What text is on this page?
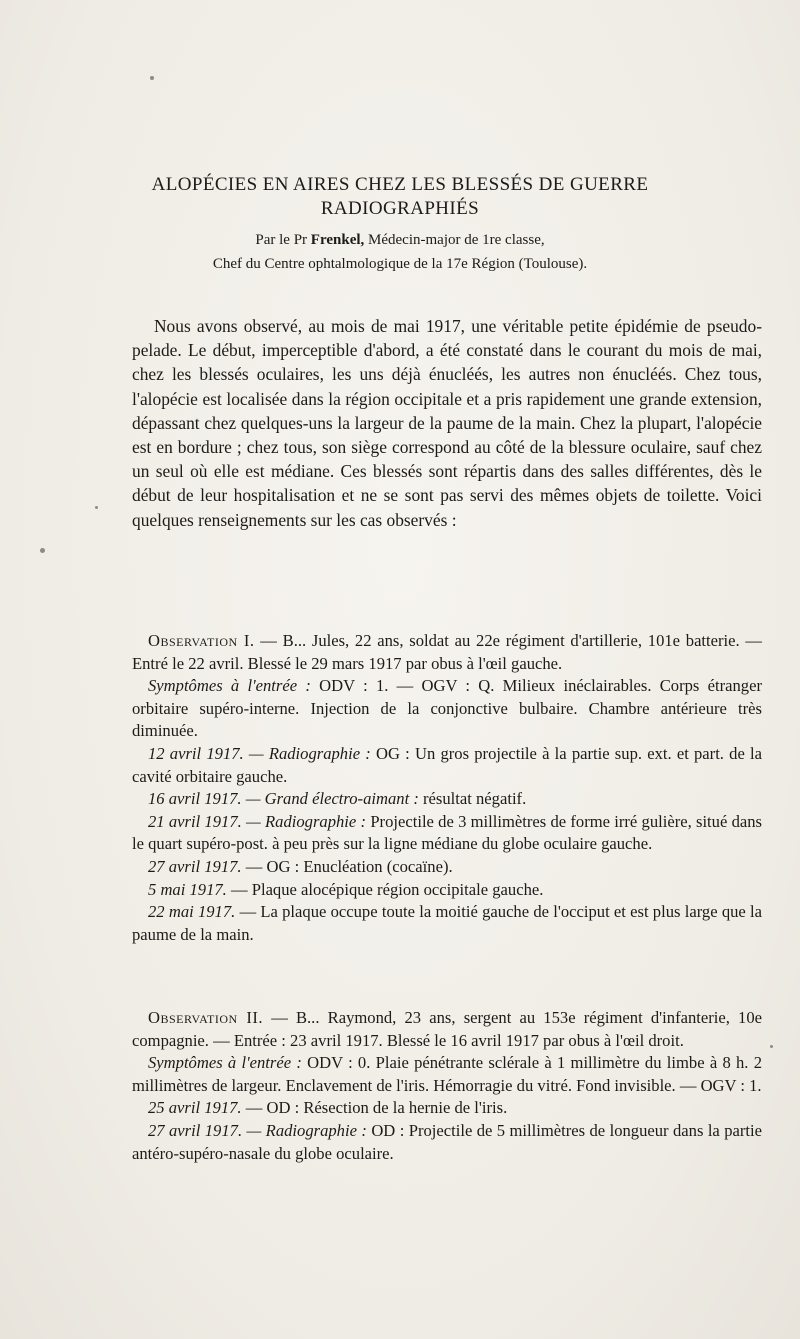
ALOPÉCIES EN AIRES CHEZ LES BLESSÉS DE GUERRE
RADIOGRAPHIÉS
Par le Pr Frenkel, Médecin-major de 1re classe,
Chef du Centre ophtalmologique de la 17e Région (Toulouse).

Nous avons observé, au mois de mai 1917, une véritable petite épidémie de pseudo-pelade. Le début, imperceptible d'abord, a été constaté dans le courant du mois de mai, chez les blessés oculaires, les uns déjà énucléés, les autres non énucléés. Chez tous, l'alopécie est localisée dans la région occipitale et a pris rapidement une grande extension, dépassant chez quelques-uns la largeur de la paume de la main. Chez la plupart, l'alopécie est en bordure ; chez tous, son siège correspond au côté de la blessure oculaire, sauf chez un seul où elle est médiane. Ces blessés sont répartis dans des salles différentes, dès le début de leur hospitalisation et ne se sont pas servi des mêmes objets de toilette. Voici quelques renseignements sur les cas observés :

Observation I. — B... Jules, 22 ans, soldat au 22e régiment d'artillerie, 101e batterie. — Entré le 22 avril. Blessé le 29 mars 1917 par obus à l'œil gauche.

Symptômes à l'entrée : ODV : 1. — OGV : Q. Milieux inéclairables. Corps étranger orbitaire supéro-interne. Injection de la conjonctive bulbaire. Chambre antérieure très diminuée.

12 avril 1917. — Radiographie : OG : Un gros projectile à la partie sup. ext. et part. de la cavité orbitaire gauche.

16 avril 1917. — Grand électro-aimant : résultat négatif.

21 avril 1917. — Radiographie : Projectile de 3 millimètres de forme irré gulière, situé dans le quart supéro-post. à peu près sur la ligne médiane du globe oculaire gauche.

27 avril 1917. — OG : Enucléation (cocaïne).

5 mai 1917. — Plaque alocépique région occipitale gauche.

22 mai 1917. — La plaque occupe toute la moitié gauche de l'occiput et est plus large que la paume de la main.

Observation II. — B... Raymond, 23 ans, sergent au 153e régiment d'infanterie, 10e compagnie. — Entrée : 23 avril 1917. Blessé le 16 avril 1917 par obus à l'œil droit.

Symptômes à l'entrée : ODV : 0. Plaie pénétrante sclérale à 1 millimètre du limbe à 8 h. 2 millimètres de largeur. Enclavement de l'iris. Hémorragie du vitré. Fond invisible. — OGV : 1.

25 avril 1917. — OD : Résection de la hernie de l'iris.

27 avril 1917. — Radiographie : OD : Projectile de 5 millimètres de longueur dans la partie antéro-supéro-nasale du globe oculaire.
